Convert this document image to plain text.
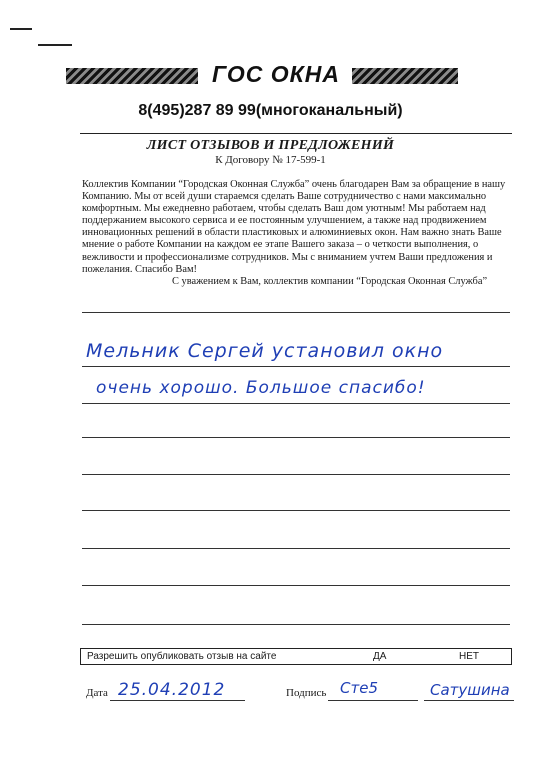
ГОС ОКНА
8(495)287 89 99(многоканальный)
ЛИСТ ОТЗЫВОВ И ПРЕДЛОЖЕНИЙ
К Договору № 17-599-1

Коллектив Компании “Городская Оконная Служба” очень благодарен Вам за обращение в нашу Компанию. Мы от всей души стараемся сделать Ваше сотрудничество с нами максимально комфортным. Мы ежедневно работаем, чтобы сделать Ваш дом уютным! Мы работаем над поддержанием высокого сервиса и ее постоянным улучшением, а также над продвижением инновационных решений в области пластиковых и алюминиевых окон. Нам важно знать Ваше мнение о работе Компании на каждом ее этапе Вашего заказа – о четкости выполнения, о вежливости и профессионализме сотрудников. Мы с вниманием учтем Ваши предложения и пожелания. Спасибо Вам!

С уважением к Вам, коллектив компании “Городская Оконная Служба”

Мельник Сергей установил окно
очень хорошо. Большое спасибо!
Разрешить опубликовать отзыв на сайте	ДА	НЕТ
Дата 25.04.2012	Подпись Сте5	Сатушина
